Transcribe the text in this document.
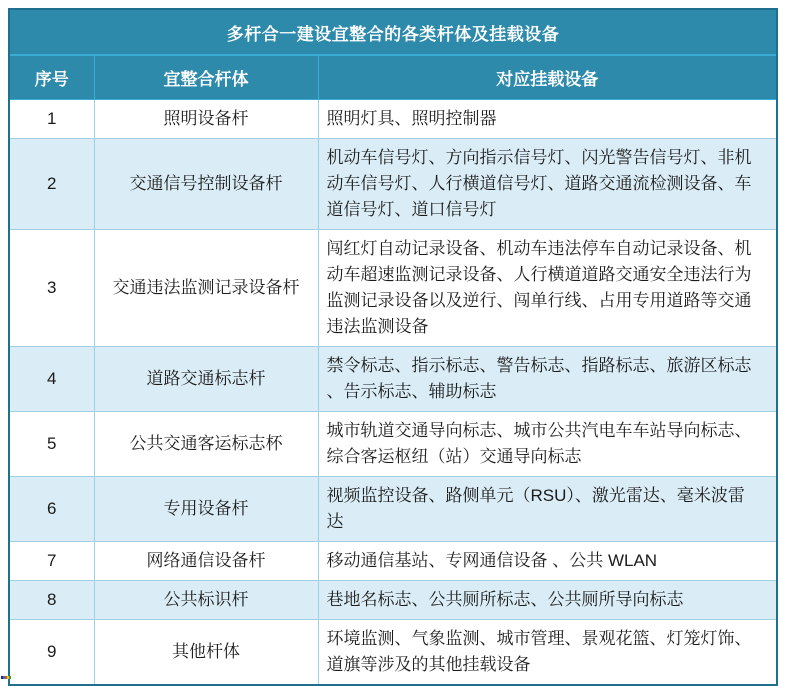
多杆合一建设宜整合的各类杆体及挂载设备
序号	宜整合杆体	对应挂载设备
1	照明设备杆	照明灯具、照明控制器
2	交通信号控制设备杆	机动车信号灯、方向指示信号灯、闪光警告信号灯、非机动车信号灯、人行横道信号灯、道路交通流检测设备、车道信号灯、道口信号灯
3	交通违法监测记录设备杆	闯红灯自动记录设备、机动车违法停车自动记录设备、机动车超速监测记录设备、人行横道道路交通安全违法行为监测记录设备以及逆行、闯单行线、占用专用道路等交通违法监测设备
4	道路交通标志杆	禁令标志、指示标志、警告标志、指路标志、旅游区标志、告示标志、辅助标志
5	公共交通客运标志杯	城市轨道交通导向标志、城市公共汽电车车站导向标志、综合客运枢纽（站）交通导向标志
6	专用设备杆	视频监控设备、路侧单元（RSU）、激光雷达、毫米波雷达
7	网络通信设备杆	移动通信基站、专网通信设备 、公共 WLAN
8	公共标识杆	巷地名标志、公共厕所标志、公共厕所导向标志
9	其他杆体	环境监测、气象监测、城市管理、景观花篮、灯笼灯饰、道旗等涉及的其他挂载设备
